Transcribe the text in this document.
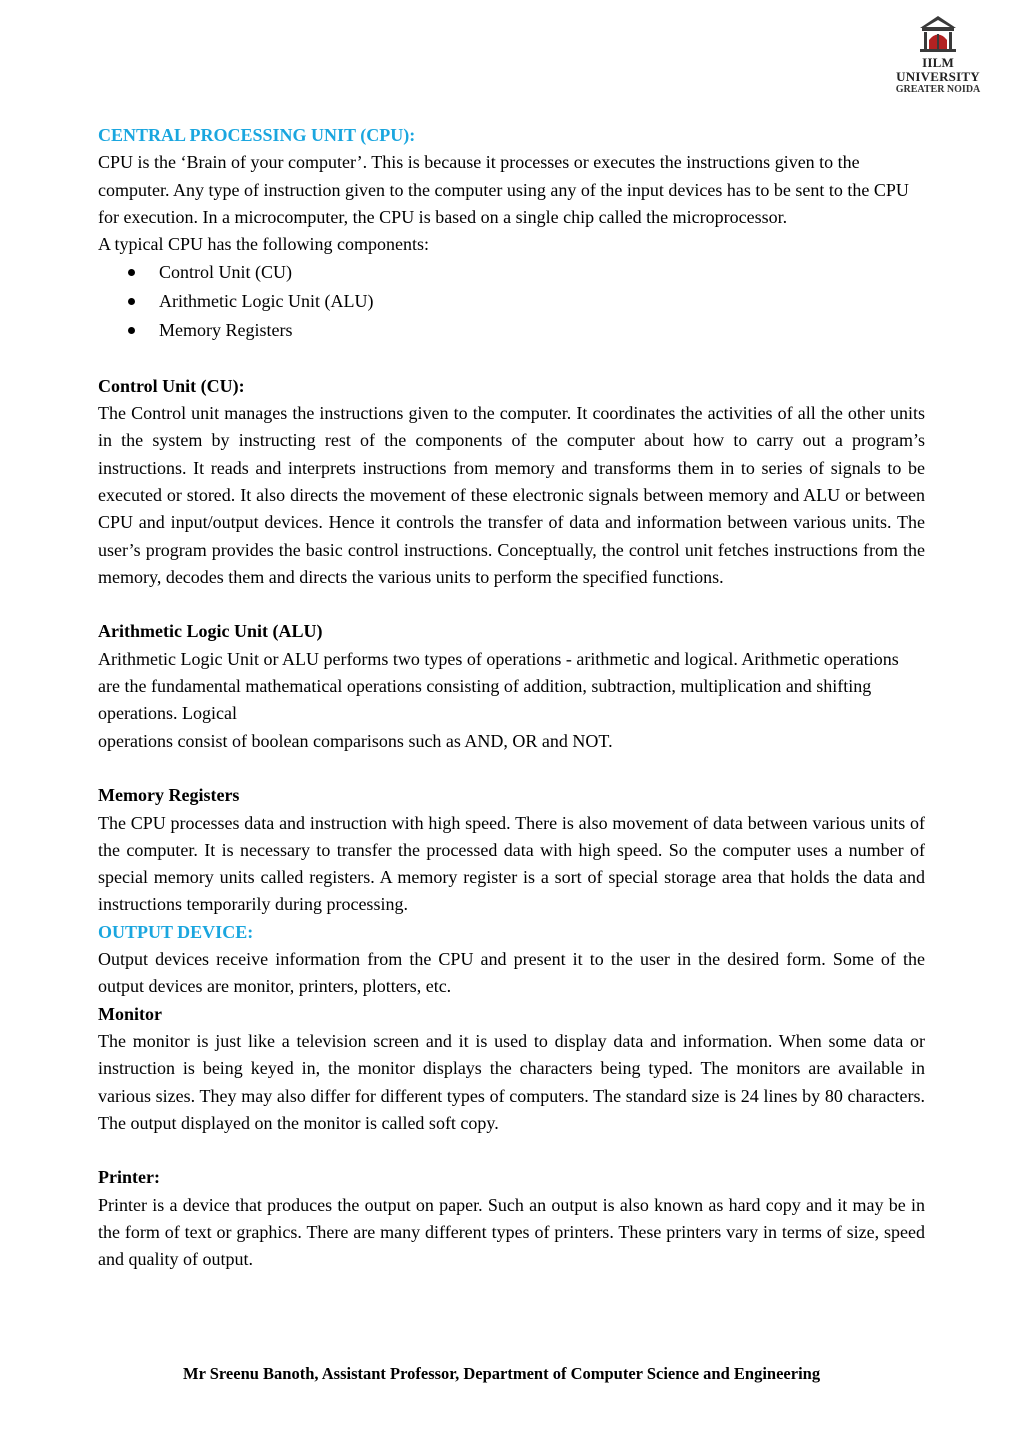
IILM UNIVERSITY
GREATER NOIDA

CENTRAL PROCESSING UNIT (CPU):

CPU is the ‘Brain of your computer’. This is because it processes or executes the instructions given to the computer. Any type of instruction given to the computer using any of the input devices has to be sent to the CPU for execution. In a microcomputer, the CPU is based on a single chip called the microprocessor.

A typical CPU has the following components:

Control Unit (CU)
Arithmetic Logic Unit (ALU)
Memory Registers

Control Unit (CU):

The Control unit manages the instructions given to the computer. It coordinates the activities of all the other units in the system by instructing rest of the components of the computer about how to carry out a program’s instructions. It reads and interprets instructions from memory and transforms them in to series of signals to be executed or stored. It also directs the movement of these electronic signals between memory and ALU or between CPU and input/output devices. Hence it controls the transfer of data and information between various units. The user’s program provides the basic control instructions. Conceptually, the control unit fetches instructions from the memory, decodes them and directs the various units to perform the specified functions.

Arithmetic Logic Unit (ALU)

Arithmetic Logic Unit or ALU performs two types of operations - arithmetic and logical. Arithmetic operations are the fundamental mathematical operations consisting of addition, subtraction, multiplication and shifting operations. Logical

operations consist of boolean comparisons such as AND, OR and NOT.

Memory Registers

The CPU processes data and instruction with high speed. There is also movement of data between various units of the computer. It is necessary to transfer the processed data with high speed. So the computer uses a number of special memory units called registers. A memory register is a sort of special storage area that holds the data and instructions temporarily during processing.

OUTPUT DEVICE:

Output devices receive information from the CPU and present it to the user in the desired form. Some of the output devices are monitor, printers, plotters, etc.

Monitor

The monitor is just like a television screen and it is used to display data and information. When some data or instruction is being keyed in, the monitor displays the characters being typed. The monitors are available in various sizes. They may also differ for different types of computers. The standard size is 24 lines by 80 characters. The output displayed on the monitor is called soft copy.

Printer:

Printer is a device that produces the output on paper. Such an output is also known as hard copy and it may be in the form of text or graphics. There are many different types of printers. These printers vary in terms of size, speed and quality of output.

Mr Sreenu Banoth, Assistant Professor, Department of Computer Science and Engineering
